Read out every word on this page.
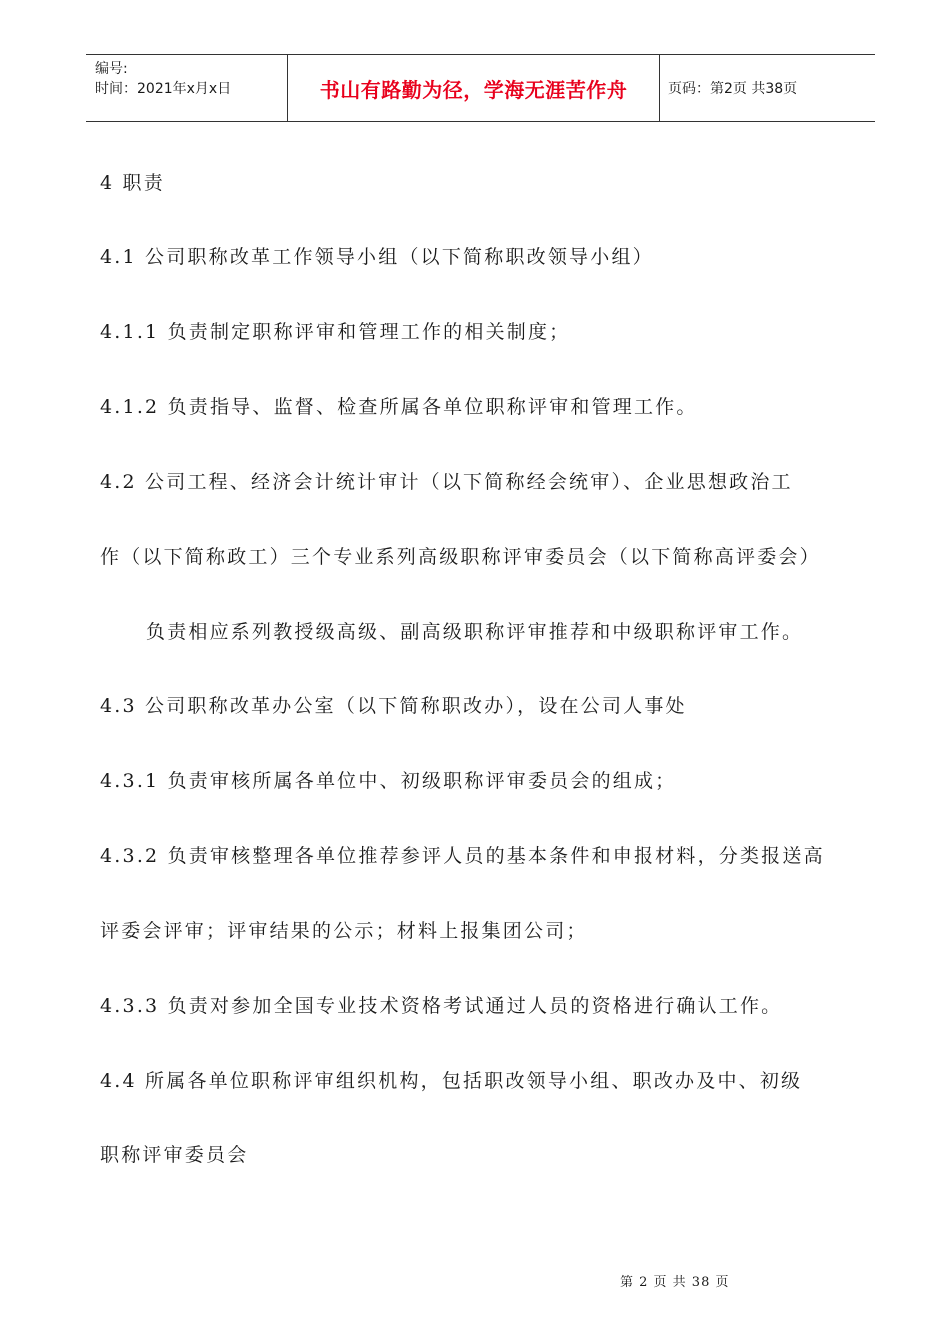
编号:
时间：2021年x月x日	书山有路勤为径，学海无涯苦作舟	页码：第2页 共38页
4 职责
4.1 公司职称改革工作领导小组（以下简称职改领导小组）
4.1.1 负责制定职称评审和管理工作的相关制度；
4.1.2 负责指导、监督、检查所属各单位职称评审和管理工作。
4.2 公司工程、经济会计统计审计（以下简称经会统审）、企业思想政治工
作（以下简称政工）三个专业系列高级职称评审委员会（以下简称高评委会）
负责相应系列教授级高级、副高级职称评审推荐和中级职称评审工作。
4.3 公司职称改革办公室（以下简称职改办），设在公司人事处
4.3.1 负责审核所属各单位中、初级职称评审委员会的组成；
4.3.2 负责审核整理各单位推荐参评人员的基本条件和申报材料，分类报送高
评委会评审；评审结果的公示；材料上报集团公司；
4.3.3 负责对参加全国专业技术资格考试通过人员的资格进行确认工作。
4.4 所属各单位职称评审组织机构，包括职改领导小组、职改办及中、初级
职称评审委员会
第 2 页 共 38 页
